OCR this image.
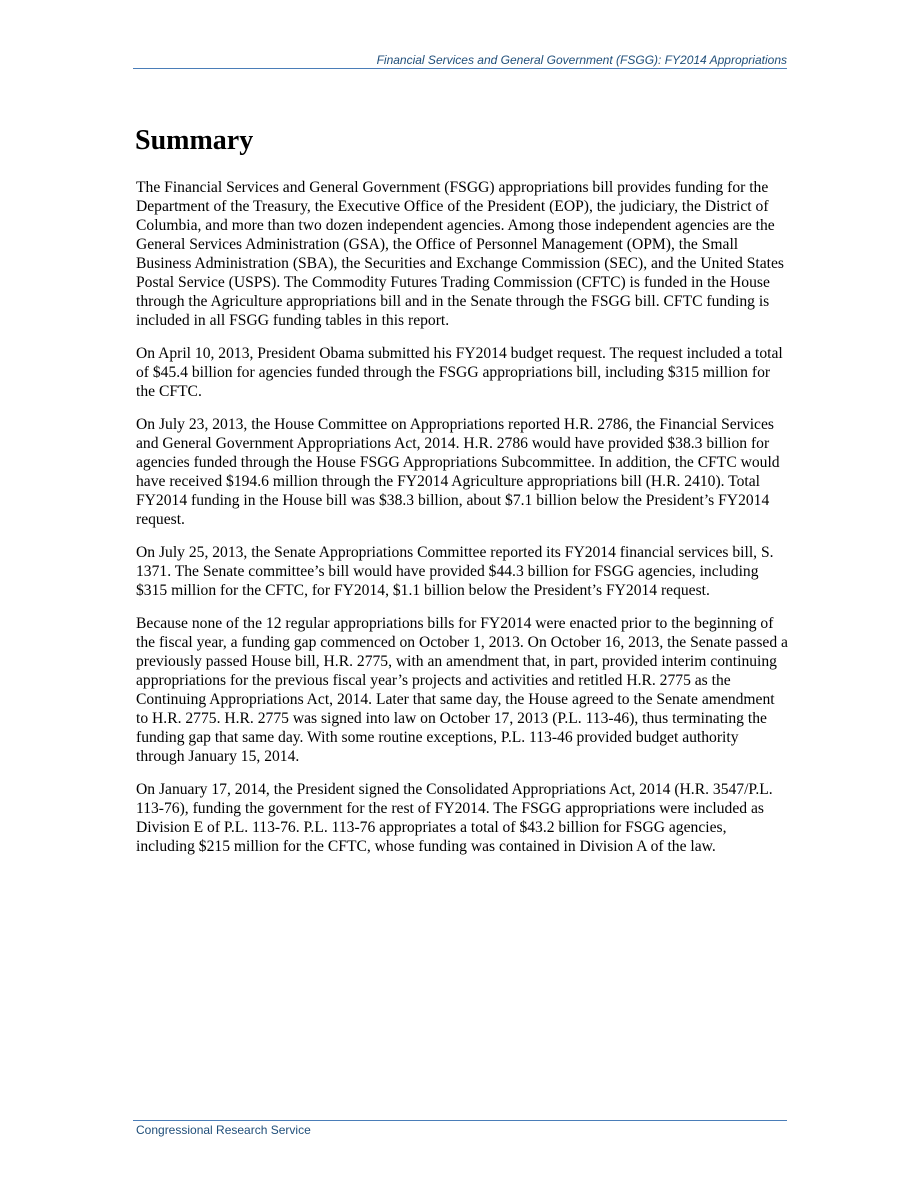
Financial Services and General Government (FSGG): FY2014 Appropriations
Summary

The Financial Services and General Government (FSGG) appropriations bill provides funding for the Department of the Treasury, the Executive Office of the President (EOP), the judiciary, the District of Columbia, and more than two dozen independent agencies. Among those independent agencies are the General Services Administration (GSA), the Office of Personnel Management (OPM), the Small Business Administration (SBA), the Securities and Exchange Commission (SEC), and the United States Postal Service (USPS). The Commodity Futures Trading Commission (CFTC) is funded in the House through the Agriculture appropriations bill and in the Senate through the FSGG bill. CFTC funding is included in all FSGG funding tables in this report.

On April 10, 2013, President Obama submitted his FY2014 budget request. The request included a total of $45.4 billion for agencies funded through the FSGG appropriations bill, including $315 million for the CFTC.

On July 23, 2013, the House Committee on Appropriations reported H.R. 2786, the Financial Services and General Government Appropriations Act, 2014. H.R. 2786 would have provided $38.3 billion for agencies funded through the House FSGG Appropriations Subcommittee. In addition, the CFTC would have received $194.6 million through the FY2014 Agriculture appropriations bill (H.R. 2410). Total FY2014 funding in the House bill was $38.3 billion, about $7.1 billion below the President’s FY2014 request.

On July 25, 2013, the Senate Appropriations Committee reported its FY2014 financial services bill, S. 1371. The Senate committee’s bill would have provided $44.3 billion for FSGG agencies, including $315 million for the CFTC, for FY2014, $1.1 billion below the President’s FY2014 request.

Because none of the 12 regular appropriations bills for FY2014 were enacted prior to the beginning of the fiscal year, a funding gap commenced on October 1, 2013. On October 16, 2013, the Senate passed a previously passed House bill, H.R. 2775, with an amendment that, in part, provided interim continuing appropriations for the previous fiscal year’s projects and activities and retitled H.R. 2775 as the Continuing Appropriations Act, 2014. Later that same day, the House agreed to the Senate amendment to H.R. 2775. H.R. 2775 was signed into law on October 17, 2013 (P.L. 113-46), thus terminating the funding gap that same day. With some routine exceptions, P.L. 113-46 provided budget authority through January 15, 2014.

On January 17, 2014, the President signed the Consolidated Appropriations Act, 2014 (H.R. 3547/P.L. 113-76), funding the government for the rest of FY2014. The FSGG appropriations were included as Division E of P.L. 113-76. P.L. 113-76 appropriates a total of $43.2 billion for FSGG agencies, including $215 million for the CFTC, whose funding was contained in Division A of the law.

Congressional Research Service
